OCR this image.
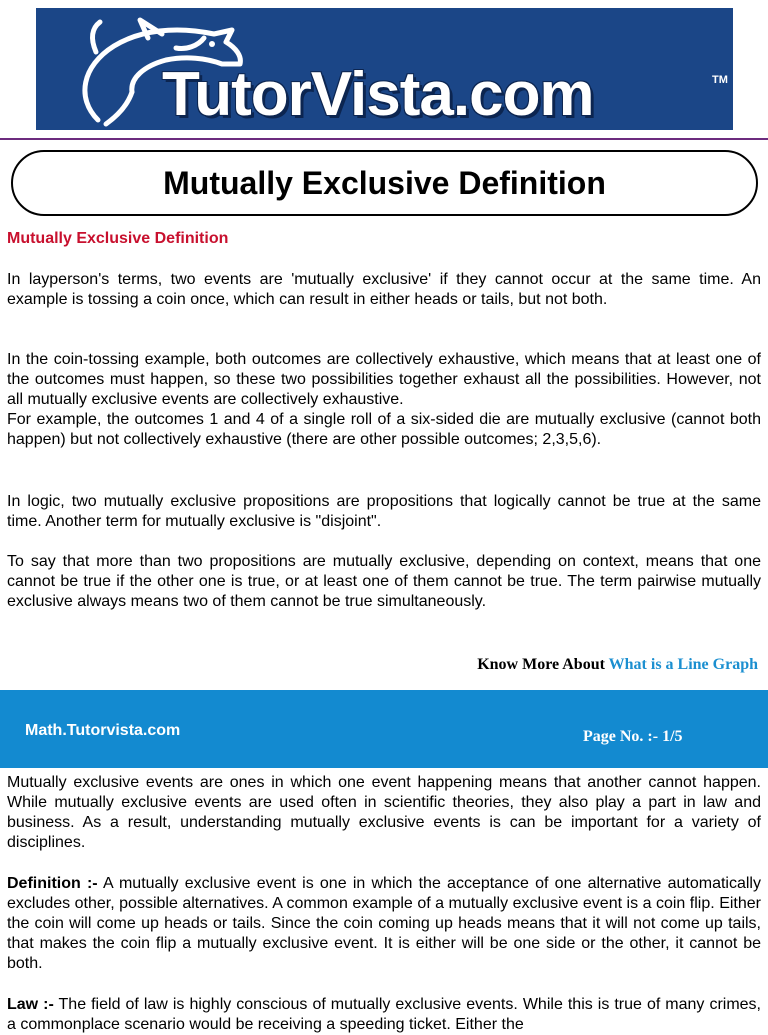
TutorVista.com	TM
Mutually Exclusive Definition
Mutually Exclusive Definition

In layperson's terms, two events are 'mutually exclusive' if they cannot occur at the same time. An example is tossing a coin once, which can result in either heads or tails, but not both.

In the coin-tossing example, both outcomes are collectively exhaustive, which means that at least one of the outcomes must happen, so these two possibilities together exhaust all the possibilities. However, not all mutually exclusive events are collectively exhaustive.

For example, the outcomes 1 and 4 of a single roll of a six-sided die are mutually exclusive (cannot both happen) but not collectively exhaustive (there are other possible outcomes; 2,3,5,6).

In logic, two mutually exclusive propositions are propositions that logically cannot be true at the same time. Another term for mutually exclusive is "disjoint".

To say that more than two propositions are mutually exclusive, depending on context, means that one cannot be true if the other one is true, or at least one of them cannot be true. The term pairwise mutually exclusive always means two of them cannot be true simultaneously.

Know More About What is a Line Graph
Math.Tutorvista.com	Page No. :- 1/5

Mutually exclusive events are ones in which one event happening means that another cannot happen. While mutually exclusive events are used often in scientific theories, they also play a part in law and business. As a result, understanding mutually exclusive events is can be important for a variety of disciplines.

Definition :- A mutually exclusive event is one in which the acceptance of one alternative automatically excludes other, possible alternatives. A common example of a mutually exclusive event is a coin flip. Either the coin will come up heads or tails. Since the coin coming up heads means that it will not come up tails, that makes the coin flip a mutually exclusive event. It is either will be one side or the other, it cannot be both.

Law :- The field of law is highly conscious of mutually exclusive events. While this is true of many crimes, a commonplace scenario would be receiving a speeding ticket. Either the
